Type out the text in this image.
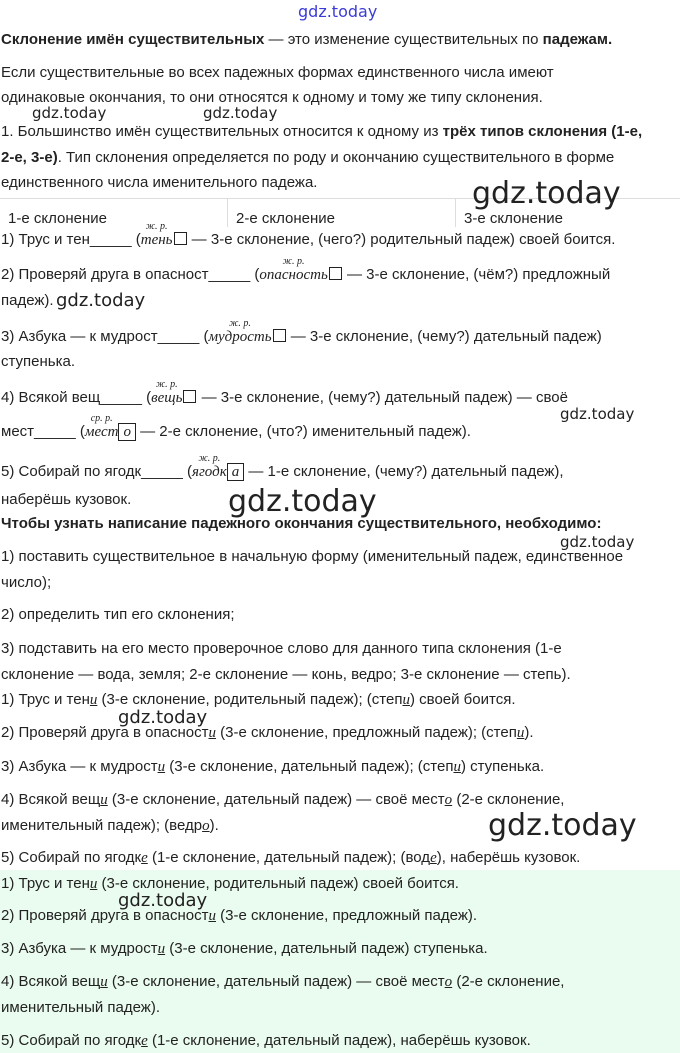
gdz.today
1-е склонение	2-е склонение	3-е склонение
Склонение имён существительных — это изменение существительных по падежам.
Если существительные во всех падежных формах единственного числа имеют
одинаковые окончания, то они относятся к одному и тому же типу склонения.
1. Большинство имён существительных относится к одному из трёх типов склонения (1-е,
2-е, 3-е). Тип склонения определяется по роду и окончанию существительного в форме
единственного числа именительного падежа.
1) Трус и тен_____ (
ж. р.
тень — 3-е склонение, (чего?) родительный падеж) своей боится.
2) Проверяй друга в опасност_____ (
ж. р.
опасность — 3-е склонение, (чём?) предложный
падеж).
3) Азбука — к мудрост_____ (
ж. р.
мудрость — 3-е склонение, (чему?) дательный падеж)
ступенька.
4) Всякой вещ_____ (
ж. р.
вещь — 3-е склонение, (чему?) дательный падеж) — своё
мест_____ (
ср. р.
мест о — 2-е склонение, (что?) именительный падеж).
5) Собирай по ягодк_____ (
ж. р.
ягодк а — 1-е склонение, (чему?) дательный падеж),
наберёшь кузовок.
Чтобы узнать написание падежного окончания существительного, необходимо:
1) поставить существительное в начальную форму (именительный падеж, единственное
число);
2) определить тип его склонения;
3) подставить на его место проверочное слово для данного типа склонения (1-е
склонение — вода, земля; 2-е склонение — конь, ведро; 3-е склонение — степь).
1) Трус и тени (3-е склонение, родительный падеж); (степи) своей боится.
2) Проверяй друга в опасности (3-е склонение, предложный падеж); (степи).
3) Азбука — к мудрости (3-е склонение, дательный падеж); (степи) ступенька.
4) Всякой вещи (3-е склонение, дательный падеж) — своё место (2-е склонение,
именительный падеж); (ведро).
5) Собирай по ягодке (1-е склонение, дательный падеж); (воде), наберёшь кузовок.
1) Трус и тени (3-е склонение, родительный падеж) своей боится.
2) Проверяй друга в опасности (3-е склонение, предложный падеж).
3) Азбука — к мудрости (3-е склонение, дательный падеж) ступенька.
4) Всякой вещи (3-е склонение, дательный падеж) — своё место (2-е склонение,
именительный падеж).
5) Собирай по ягодке (1-е склонение, дательный падеж), наберёшь кузовок.
gdz.today	gdz.today
gdz.today
gdz.today
gdz.today
gdz.today
gdz.today
gdz.today
gdz.today
gdz.today
